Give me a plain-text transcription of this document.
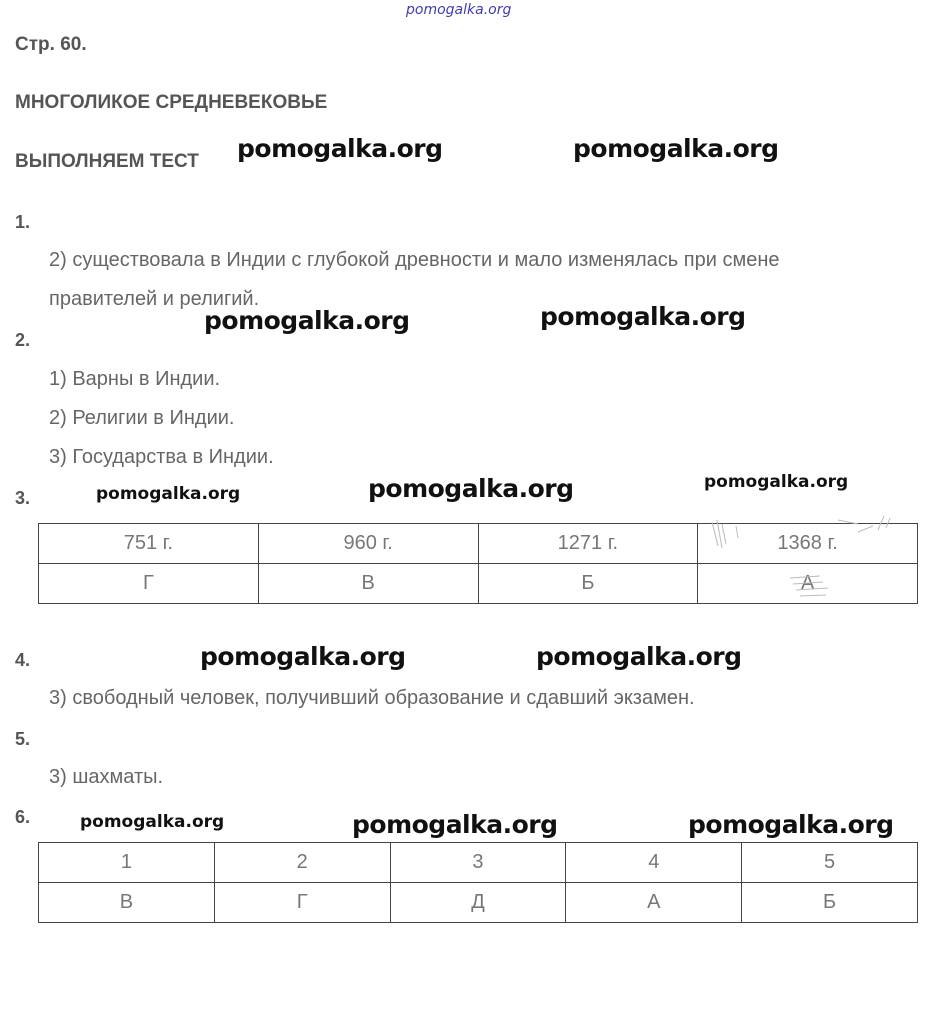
pomogalka.org
Стр. 60.
МНОГОЛИКОЕ СРЕДНЕВЕКОВЬЕ
ВЫПОЛНЯЕМ ТЕСТ
1.
2) существовала в Индии с глубокой древности и мало изменялась при смене
правителей и религий.
2.
1) Варны в Индии.
2) Религии в Индии.
3) Государства в Индии.
3.
751 г.	960 г.	1271 г.	1368 г.
Г	В	Б	А
4.
3) свободный человек, получивший образование и сдавший экзамен.
5.
3) шахматы.
6.
1	2	3	4	5
В	Г	Д	А	Б
pomogalka.org	pomogalka.org
pomogalka.org	pomogalka.org
pomogalka.org	pomogalka.org	pomogalka.org
pomogalka.org	pomogalka.org
pomogalka.org	pomogalka.org	pomogalka.org
